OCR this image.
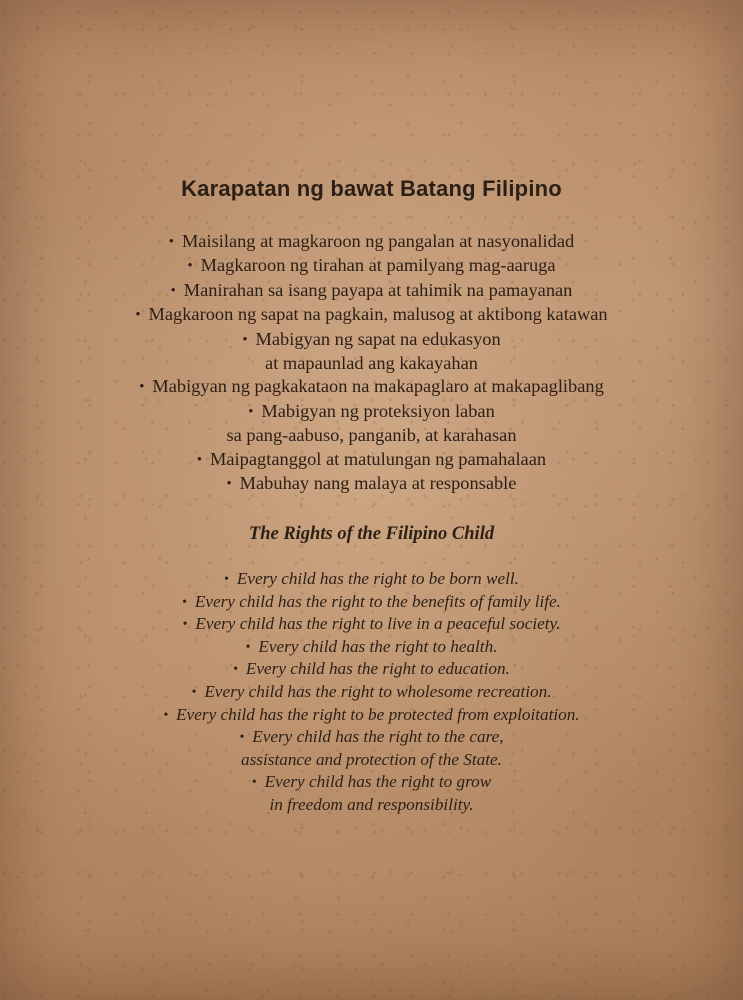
Karapatan ng bawat Batang Filipino
• Maisilang at magkaroon ng pangalan at nasyonalidad
• Magkaroon ng tirahan at pamilyang mag-aaruga
• Manirahan sa isang payapa at tahimik na pamayanan
• Magkaroon ng sapat na pagkain, malusog at aktibong katawan
• Mabigyan ng sapat na edukasyon
at mapaunlad ang kakayahan
• Mabigyan ng pagkakataon na makapaglaro at makapaglibang
• Mabigyan ng proteksiyon laban
sa pang-aabuso, panganib, at karahasan
• Maipagtanggol at matulungan ng pamahalaan
• Mabuhay nang malaya at responsable
The Rights of the Filipino Child
• Every child has the right to be born well.
• Every child has the right to the benefits of family life.
• Every child has the right to live in a peaceful society.
• Every child has the right to health.
• Every child has the right to education.
• Every child has the right to wholesome recreation.
• Every child has the right to be protected from exploitation.
• Every child has the right to the care,
assistance and protection of the State.
• Every child has the right to grow
in freedom and responsibility.
